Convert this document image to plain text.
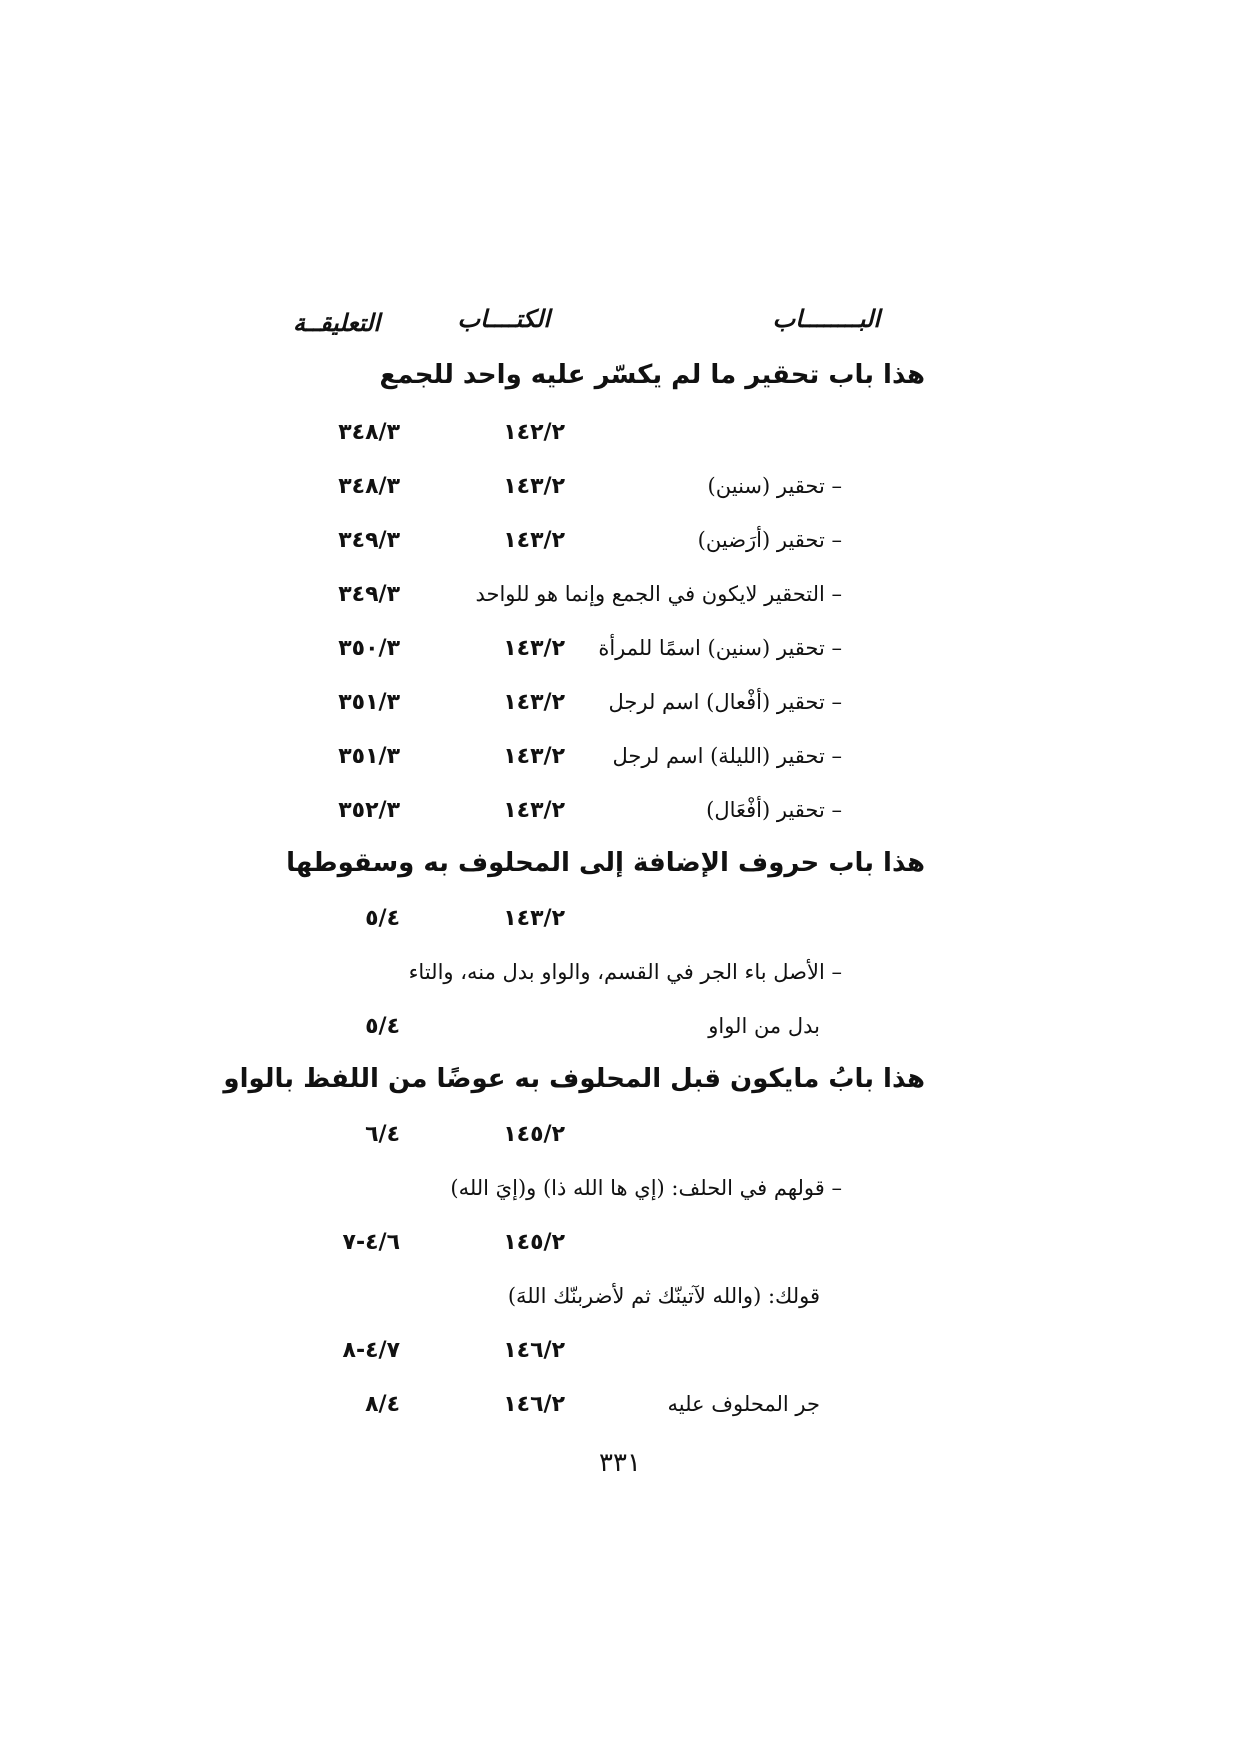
البــــــــاب
الكتــــاب
التعليقــة
هذا باب تحقير ما لم يكسّر عليه واحد للجمع
١٤٢/٢
٣٤٨/٣
– تحقير (سنين)
١٤٣/٢
٣٤٨/٣
– تحقير (أرَضين)
١٤٣/٢
٣٤٩/٣
– التحقير لايكون في الجمع وإنما هو للواحد
٣٤٩/٣
– تحقير (سنين) اسمًا للمرأة
١٤٣/٢
٣٥٠/٣
– تحقير (أفْعال) اسم لرجل
١٤٣/٢
٣٥١/٣
– تحقير (الليلة) اسم لرجل
١٤٣/٢
٣٥١/٣
– تحقير (أفْعَال)
١٤٣/٢
٣٥٢/٣
هذا باب حروف الإضافة إلى المحلوف به وسقوطها
١٤٣/٢
٥/٤
– الأصل باء الجر في القسم، والواو بدل منه، والتاء
بدل من الواو
٥/٤
هذا بابُ مايكون قبل المحلوف به عوضًا من اللفظ بالواو
١٤٥/٢
٦/٤
– قولهم في الحلف: (إي ها الله ذا) و(إيَ الله)
١٤٥/٢
٤/٦-٧
قولك: (والله لآتينّك ثم لأضربنّك اللهَ)
١٤٦/٢
٤/٧-٨
جر المحلوف عليه
١٤٦/٢
٨/٤
٣٣١
